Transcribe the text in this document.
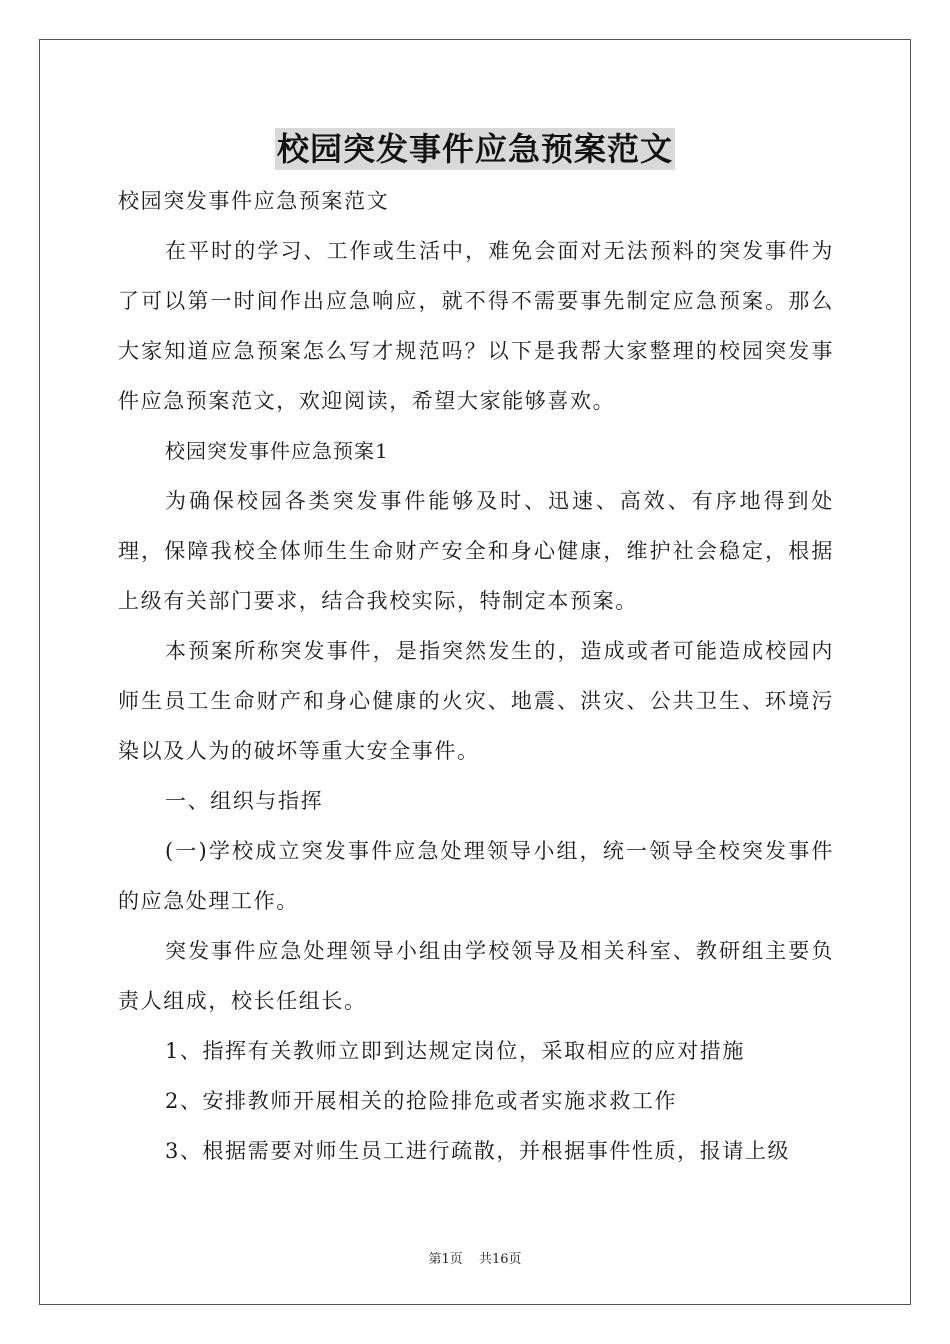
校园突发事件应急预案范文

校园突发事件应急预案范文

在平时的学习、工作或生活中，难免会面对无法预料的突发事件为了可以第一时间作出应急响应，就不得不需要事先制定应急预案。那么大家知道应急预案怎么写才规范吗？以下是我帮大家整理的校园突发事件应急预案范文，欢迎阅读，希望大家能够喜欢。

校园突发事件应急预案1

为确保校园各类突发事件能够及时、迅速、高效、有序地得到处理，保障我校全体师生生命财产安全和身心健康，维护社会稳定，根据上级有关部门要求，结合我校实际，特制定本预案。

本预案所称突发事件，是指突然发生的，造成或者可能造成校园内师生员工生命财产和身心健康的火灾、地震、洪灾、公共卫生、环境污染以及人为的破坏等重大安全事件。

一、组织与指挥

(一)学校成立突发事件应急处理领导小组，统一领导全校突发事件的应急处理工作。

突发事件应急处理领导小组由学校领导及相关科室、教研组主要负责人组成，校长任组长。

1、指挥有关教师立即到达规定岗位，采取相应的应对措施

2、安排教师开展相关的抢险排危或者实施求救工作

3、根据需要对师生员工进行疏散，并根据事件性质，报请上级

第1页 共16页
